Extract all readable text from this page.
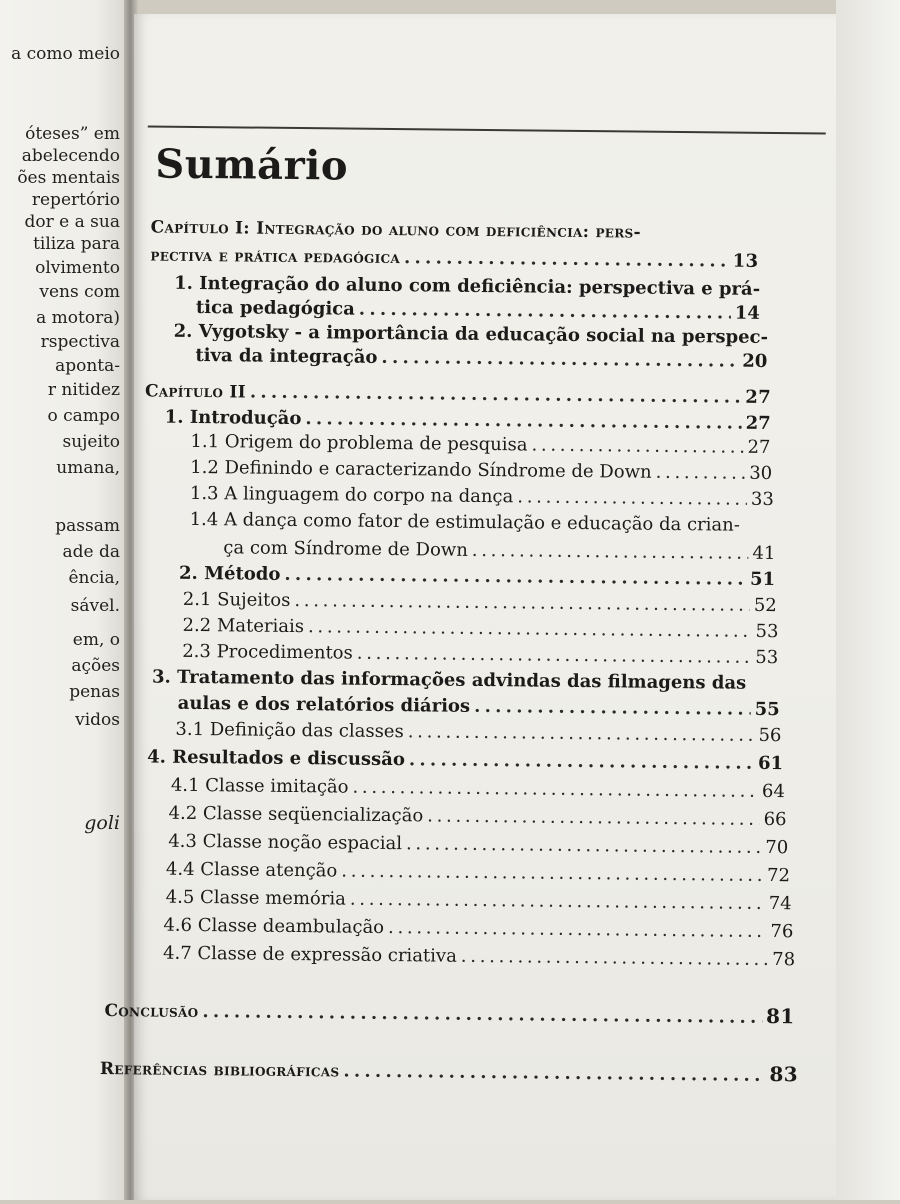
a como meio
óteses” em
abelecendo
ões mentais
repertório
dor e a sua
tiliza para
olvimento
vens com
a motora)
rspectiva
apontа-
r nitidez
o campo
sujeito
umana,
passam
ade da
ência,
sável.
em, o
ações
penas
vidos
goli
Sumário
Capítulo I: Integração do aluno com deficiência: pers-
pectiva e prática pedagógica . . .	13
1. Integração do aluno com deficiência: perspectiva e prá-
tica pedagógica . . .	14
2. Vygotsky - a importância da educação social na perspec-
tiva da integração . . .	20
Capítulo II . . .	27
1. Introdução . . .	27
1.1 Origem do problema de pesquisa . . .	27
1.2 Definindo e caracterizando Síndrome de Down . . .	30
1.3 A linguagem do corpo na dança . . .	33
1.4 A dança como fator de estimulação e educação da crian-
ça com Síndrome de Down . . .	41
2. Método . . .	51
2.1 Sujeitos . . .	52
2.2 Materiais . . .	53
2.3 Procedimentos . . .	53
3. Tratamento das informações advindas das filmagens das
aulas e dos relatórios diários . . .	55
3.1 Definição das classes . . .	56
4. Resultados e discussão . . .	61
4.1 Classe imitação . . .	64
4.2 Classe seqüencialização . . .	66
4.3 Classe noção espacial . . .	70
4.4 Classe atenção . . .	72
4.5 Classe memória . . .	74
4.6 Classe deambulação . . .	76
4.7 Classe de expressão criativa . . .	78
Conclusão . . .	81
Referências bibliográficas . . .	83
